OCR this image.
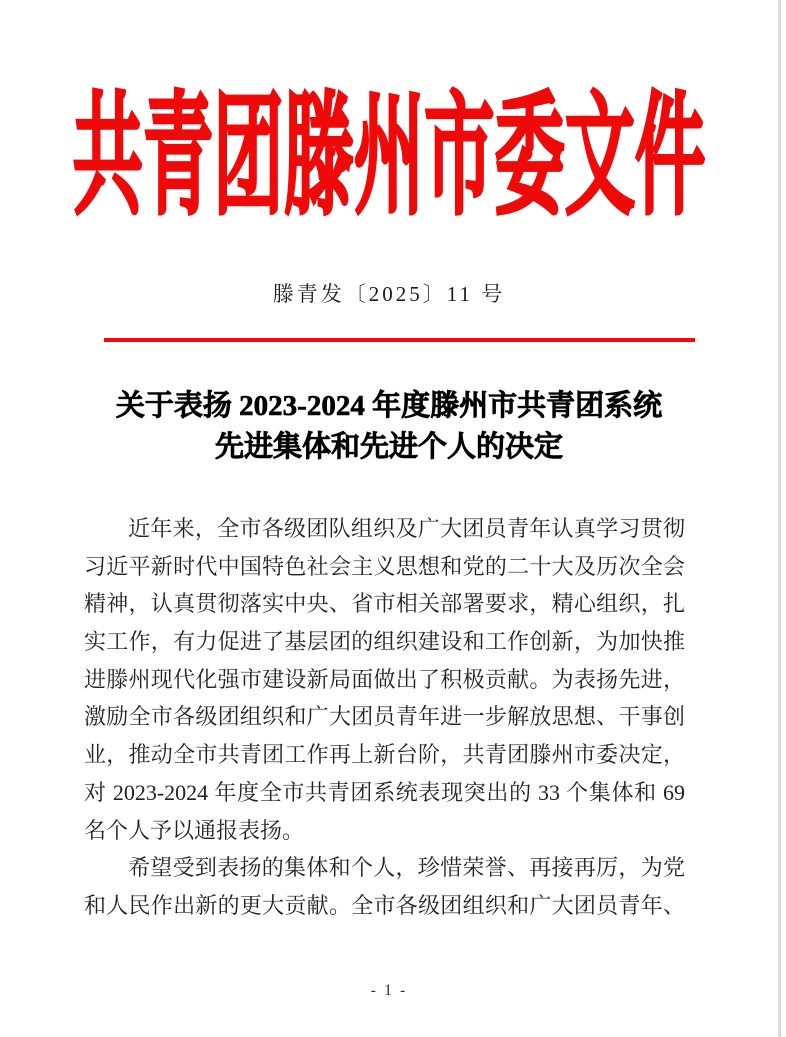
共青团滕州市委文件
滕青发〔2025〕11 号
关于表扬 2023-2024 年度滕州市共青团系统
先进集体和先进个人的决定
近年来，全市各级团队组织及广大团员青年认真学习贯彻
习近平新时代中国特色社会主义思想和党的二十大及历次全会
精神，认真贯彻落实中央、省市相关部署要求，精心组织，扎
实工作，有力促进了基层团的组织建设和工作创新，为加快推
进滕州现代化强市建设新局面做出了积极贡献。为表扬先进，
激励全市各级团组织和广大团员青年进一步解放思想、干事创
业，推动全市共青团工作再上新台阶，共青团滕州市委决定，
对 2023-2024 年度全市共青团系统表现突出的 33 个集体和 69
名个人予以通报表扬。
希望受到表扬的集体和个人，珍惜荣誉、再接再厉，为党
和人民作出新的更大贡献。全市各级团组织和广大团员青年、
- 1 -
